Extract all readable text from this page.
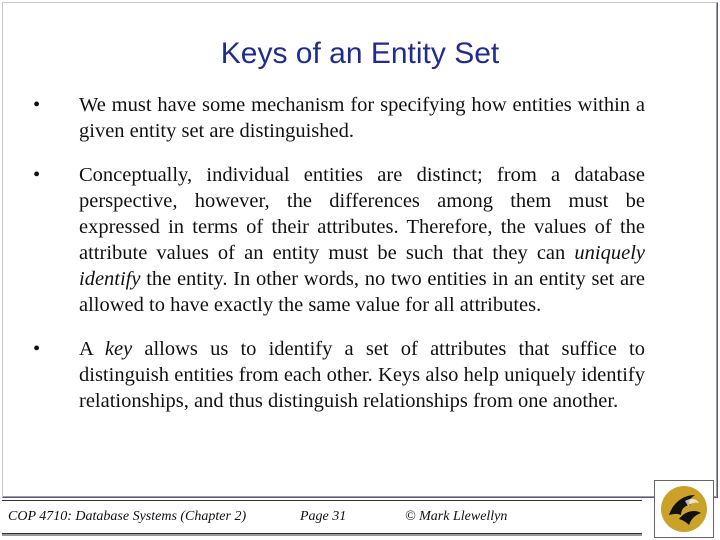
Keys of an Entity Set
•	We must have some mechanism for specifying how entities within a given entity set are distinguished.
•	Conceptually, individual entities are distinct; from a database perspective, however, the differences among them must be expressed in terms of their attributes. Therefore, the values of the attribute values of an entity must be such that they can uniquely identify the entity. In other words, no two entities in an entity set are allowed to have exactly the same value for all attributes.
•	A key allows us to identify a set of attributes that suffice to distinguish entities from each other. Keys also help uniquely identify relationships, and thus distinguish relationships from one another.
COP 4710: Database Systems (Chapter 2)	Page 31	© Mark Llewellyn
